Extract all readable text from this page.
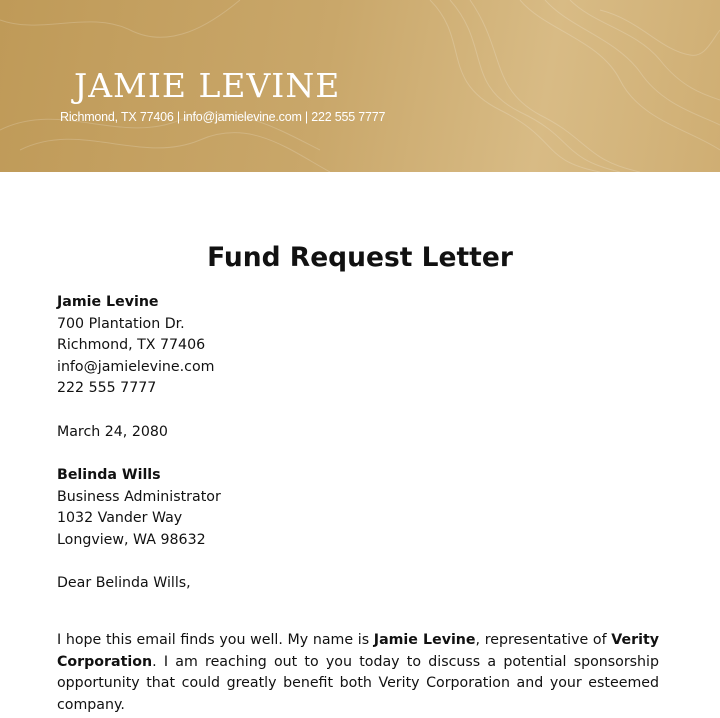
JAMIE LEVINE
Richmond, TX 77406 | info@jamielevine.com | 222 555 7777
Fund Request Letter
Jamie Levine
700 Plantation Dr.
Richmond, TX 77406
info@jamielevine.com
222 555 7777
March 24, 2080
Belinda Wills
Business Administrator
1032 Vander Way
Longview, WA 98632
Dear Belinda Wills,

I hope this email finds you well. My name is Jamie Levine, representative of Verity Corporation. I am reaching out to you today to discuss a potential sponsorship opportunity that could greatly benefit both Verity Corporation and your esteemed company.
